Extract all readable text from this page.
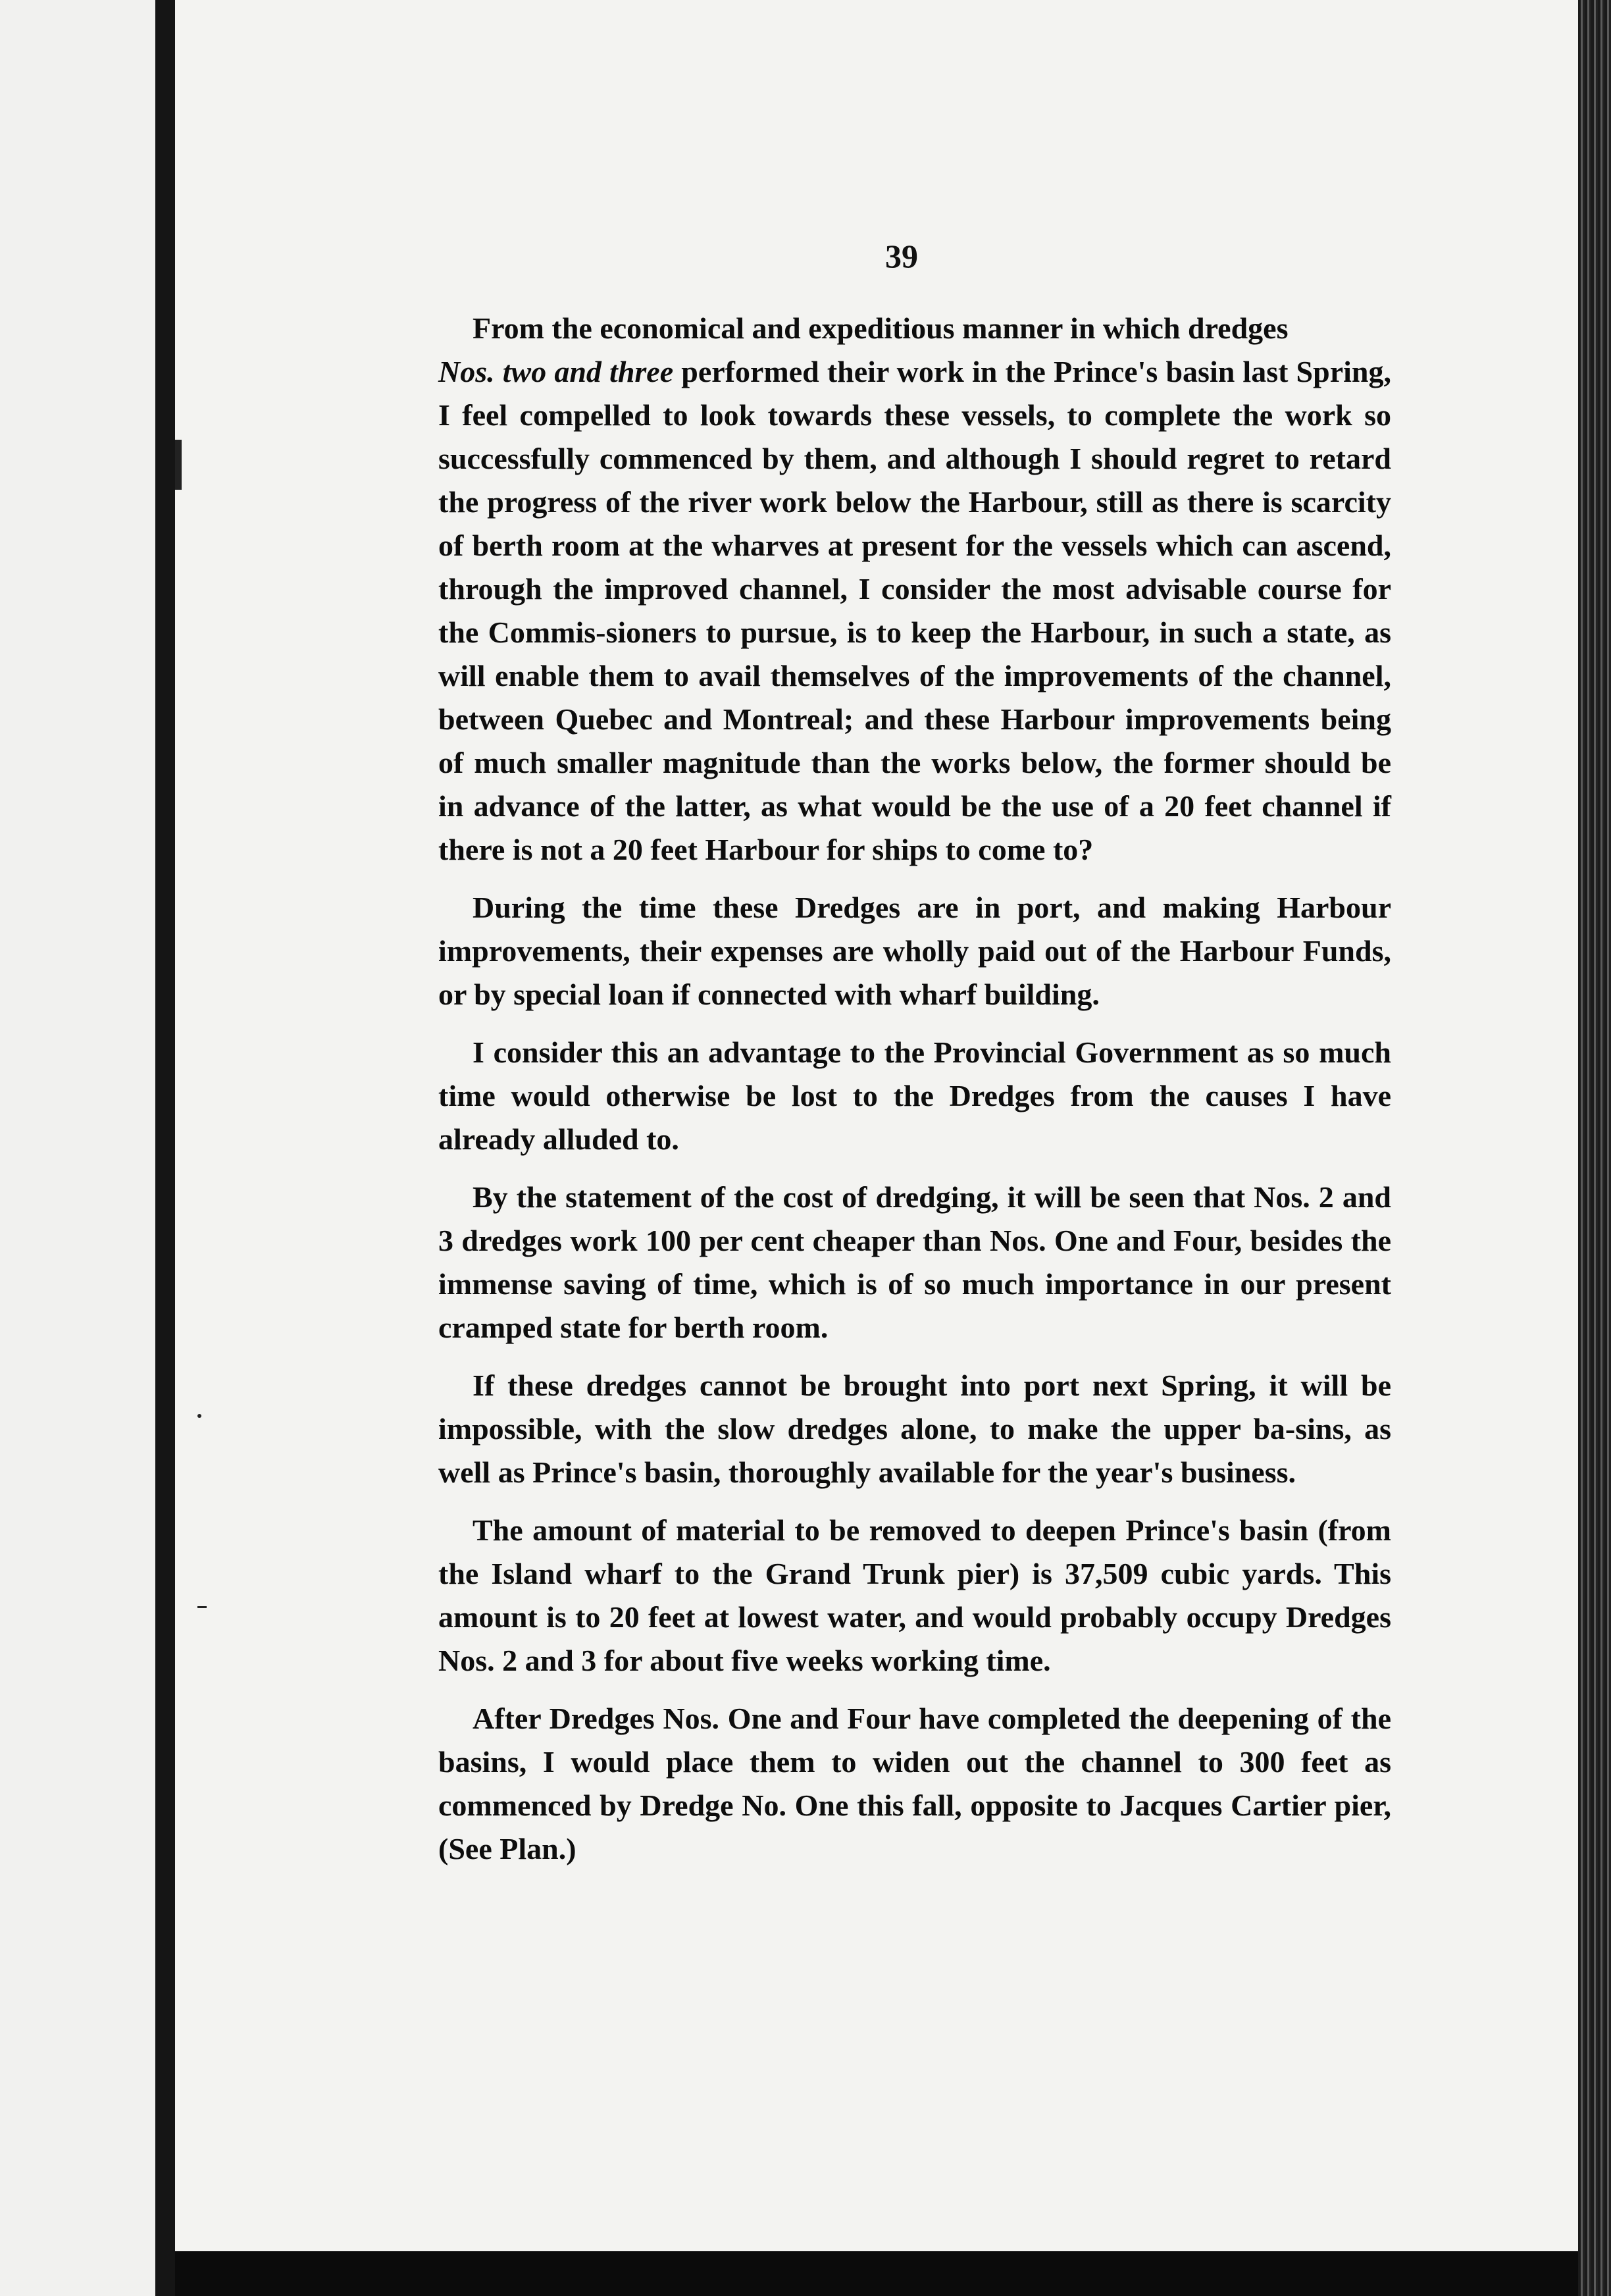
39

From the economical and expeditious manner in which dredges

Nos. two and three performed their work in the Prince's basin last Spring, I feel compelled to look towards these vessels, to complete the work so successfully commenced by them, and although I should regret to retard the progress of the river work below the Harbour, still as there is scarcity of berth room at the wharves at present for the vessels which can ascend, through the improved channel, I consider the most advisable course for the Commis-sioners to pursue, is to keep the Harbour, in such a state, as will enable them to avail themselves of the improvements of the channel, between Quebec and Montreal; and these Harbour improvements being of much smaller magnitude than the works below, the former should be in advance of the latter, as what would be the use of a 20 feet channel if there is not a 20 feet Harbour for ships to come to?

During the time these Dredges are in port, and making Harbour improvements, their expenses are wholly paid out of the Harbour Funds, or by special loan if connected with wharf building.

I consider this an advantage to the Provincial Government as so much time would otherwise be lost to the Dredges from the causes I have already alluded to.

By the statement of the cost of dredging, it will be seen that Nos. 2 and 3 dredges work 100 per cent cheaper than Nos. One and Four, besides the immense saving of time, which is of so much importance in our present cramped state for berth room.

If these dredges cannot be brought into port next Spring, it will be impossible, with the slow dredges alone, to make the upper ba-sins, as well as Prince's basin, thoroughly available for the year's business.

The amount of material to be removed to deepen Prince's basin (from the Island wharf to the Grand Trunk pier) is 37,509 cubic yards. This amount is to 20 feet at lowest water, and would probably occupy Dredges Nos. 2 and 3 for about five weeks working time.

After Dredges Nos. One and Four have completed the deepening of the basins, I would place them to widen out the channel to 300 feet as commenced by Dredge No. One this fall, opposite to Jacques Cartier pier, (See Plan.)
